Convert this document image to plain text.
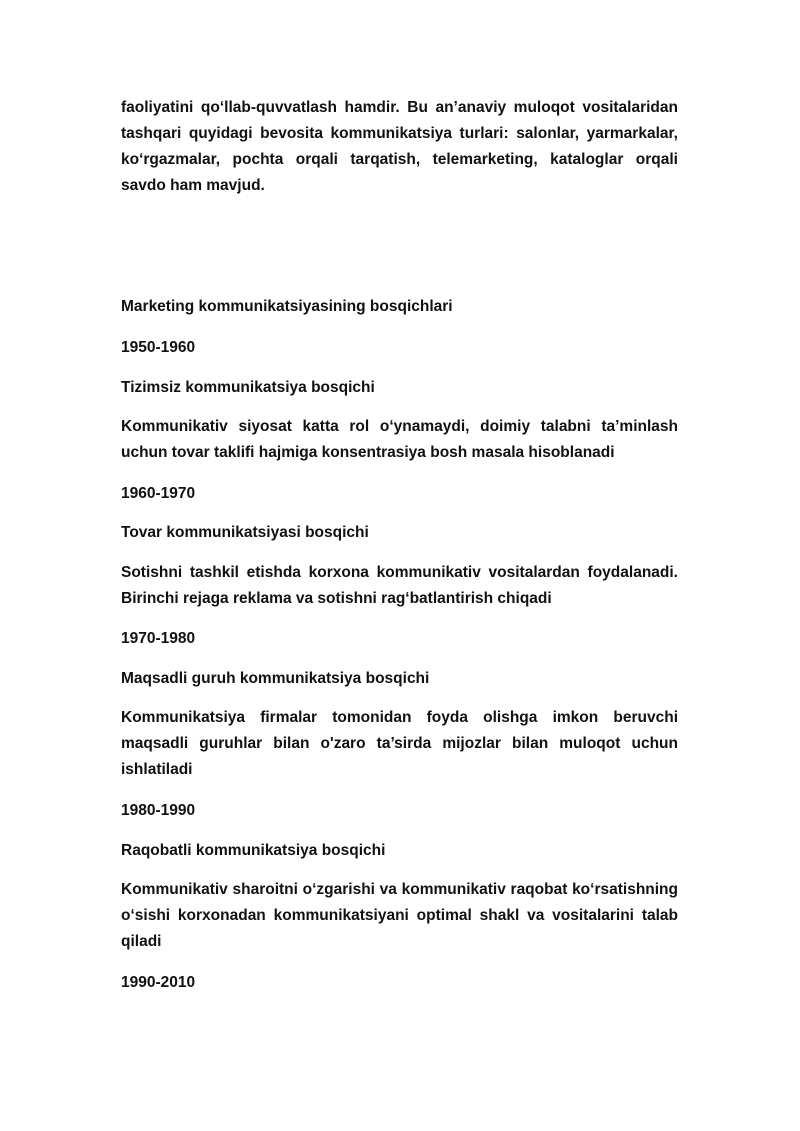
faoliyatini qo‘llab-quvvatlash hamdir. Bu an’anaviy muloqot vositalaridan tashqari quyidagi bevosita kommunikatsiya turlari: salonlar, yarmarkalar, ko‘rgazmalar, pochta orqali tarqatish, telemarketing, kataloglar orqali savdo ham mavjud.

Marketing kommunikatsiyasining bosqichlari

1950-1960

Tizimsiz kommunikatsiya bosqichi

Kommunikativ siyosat katta rol o‘ynamaydi, doimiy talabni ta’minlash uchun tovar taklifi hajmiga konsentrasiya bosh masala hisoblanadi

1960-1970

Tovar kommunikatsiyasi bosqichi

Sotishni tashkil etishda korxona kommunikativ vositalardan foydalanadi. Birinchi rejaga reklama va sotishni rag‘batlantirish chiqadi

1970-1980

Maqsadli guruh kommunikatsiya bosqichi

Kommunikatsiya firmalar tomonidan foyda olishga imkon beruvchi maqsadli guruhlar bilan o'zaro ta’sirda mijozlar bilan muloqot uchun ishlatiladi

1980-1990

Raqobatli kommunikatsiya bosqichi

Kommunikativ sharoitni o‘zgarishi va kommunikativ raqobat ko‘rsatishning o‘sishi korxonadan kommunikatsiyani optimal shakl va vositalarini talab qiladi

1990-2010
